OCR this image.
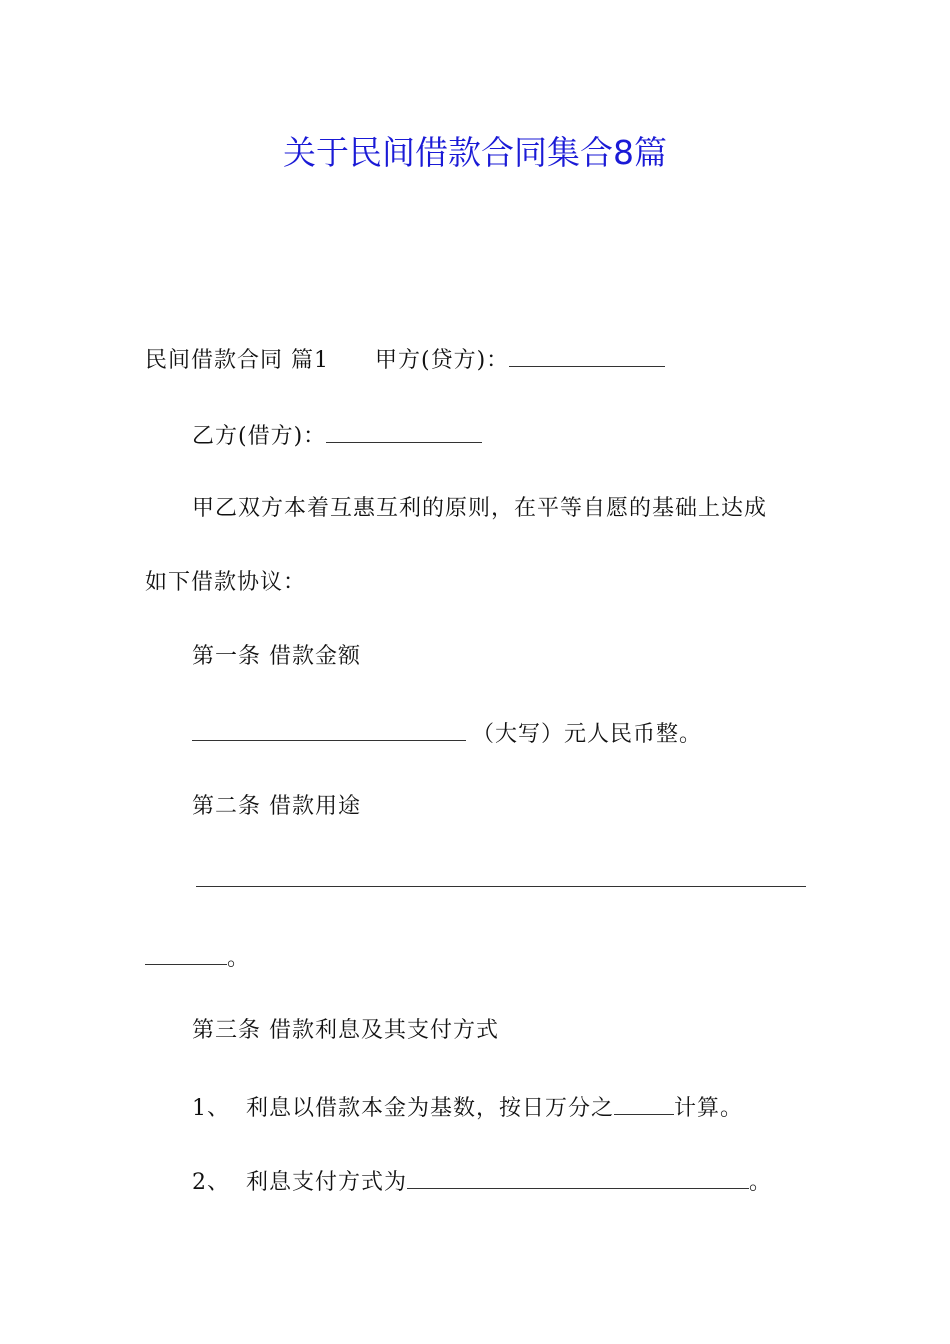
关于民间借款合同集合8篇
民间借款合同 篇1 甲方(贷方)：
乙方(借方)：
甲乙双方本着互惠互利的原则，在平等自愿的基础上达成
如下借款协议：
第一条 借款金额
（大写）元人民币整。
第二条 借款用途
。
第三条 借款利息及其支付方式
1、 利息以借款本金为基数，按日万分之	计算。
2、 利息支付方式为	。
